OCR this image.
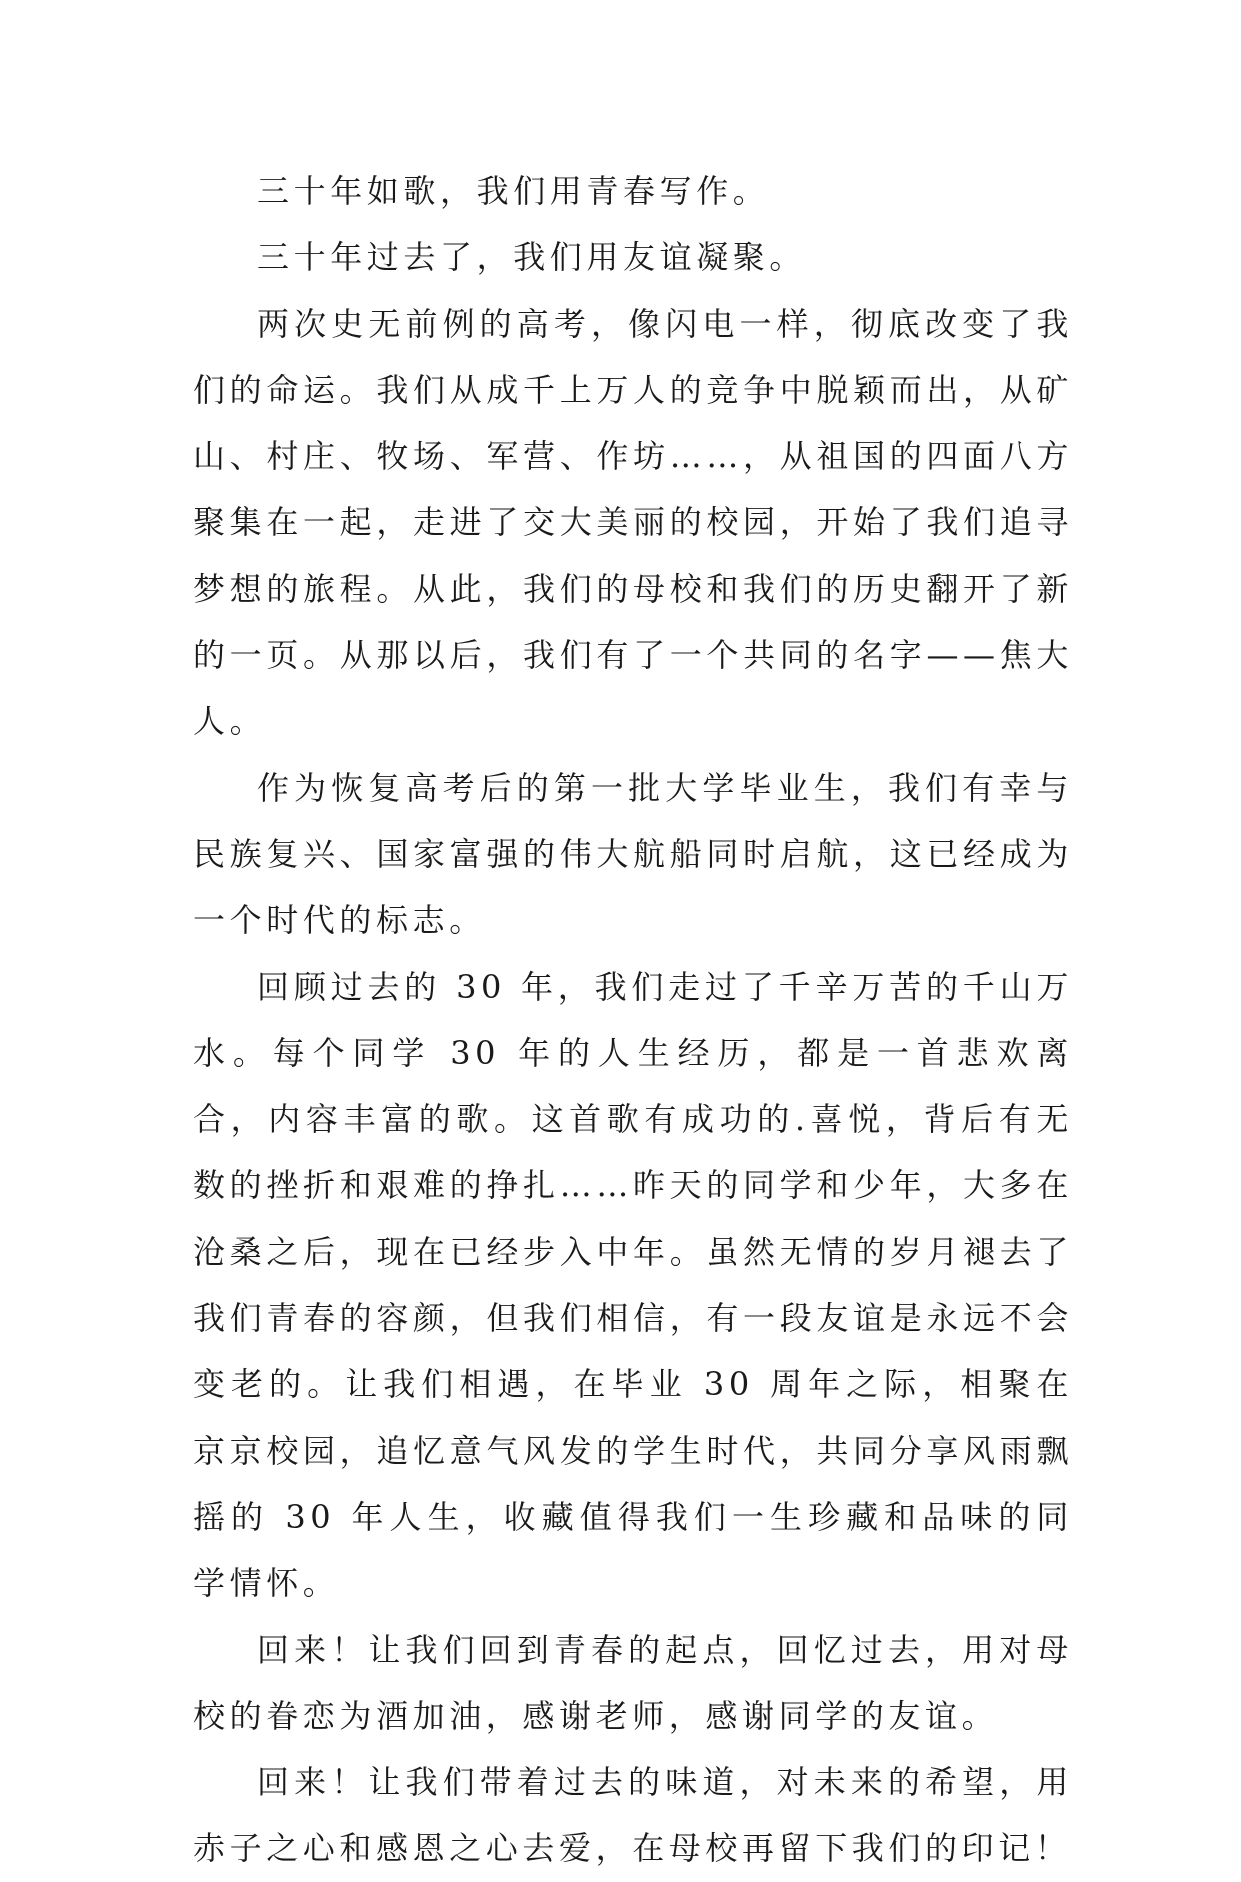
三十年如歌，我们用青春写作。

三十年过去了，我们用友谊凝聚。

两次史无前例的高考，像闪电一样，彻底改变了我们的命运。我们从成千上万人的竞争中脱颖而出，从矿山、村庄、牧场、军营、作坊……，从祖国的四面八方聚集在一起，走进了交大美丽的校园，开始了我们追寻梦想的旅程。从此，我们的母校和我们的历史翻开了新的一页。从那以后，我们有了一个共同的名字——焦大人。

作为恢复高考后的第一批大学毕业生，我们有幸与民族复兴、国家富强的伟大航船同时启航，这已经成为一个时代的标志。

回顾过去的 30 年，我们走过了千辛万苦的千山万水。每个同学 30 年的人生经历，都是一首悲欢离合，内容丰富的歌。这首歌有成功的.喜悦，背后有无数的挫折和艰难的挣扎……昨天的同学和少年，大多在沧桑之后，现在已经步入中年。虽然无情的岁月褪去了我们青春的容颜，但我们相信，有一段友谊是永远不会变老的。让我们相遇，在毕业 30 周年之际，相聚在京京校园，追忆意气风发的学生时代，共同分享风雨飘摇的 30 年人生，收藏值得我们一生珍藏和品味的同学情怀。

回来！让我们回到青春的起点，回忆过去，用对母校的眷恋为酒加油，感谢老师，感谢同学的友谊。

回来！让我们带着过去的味道，对未来的希望，用赤子之心和感恩之心去爱，在母校再留下我们的印记！
